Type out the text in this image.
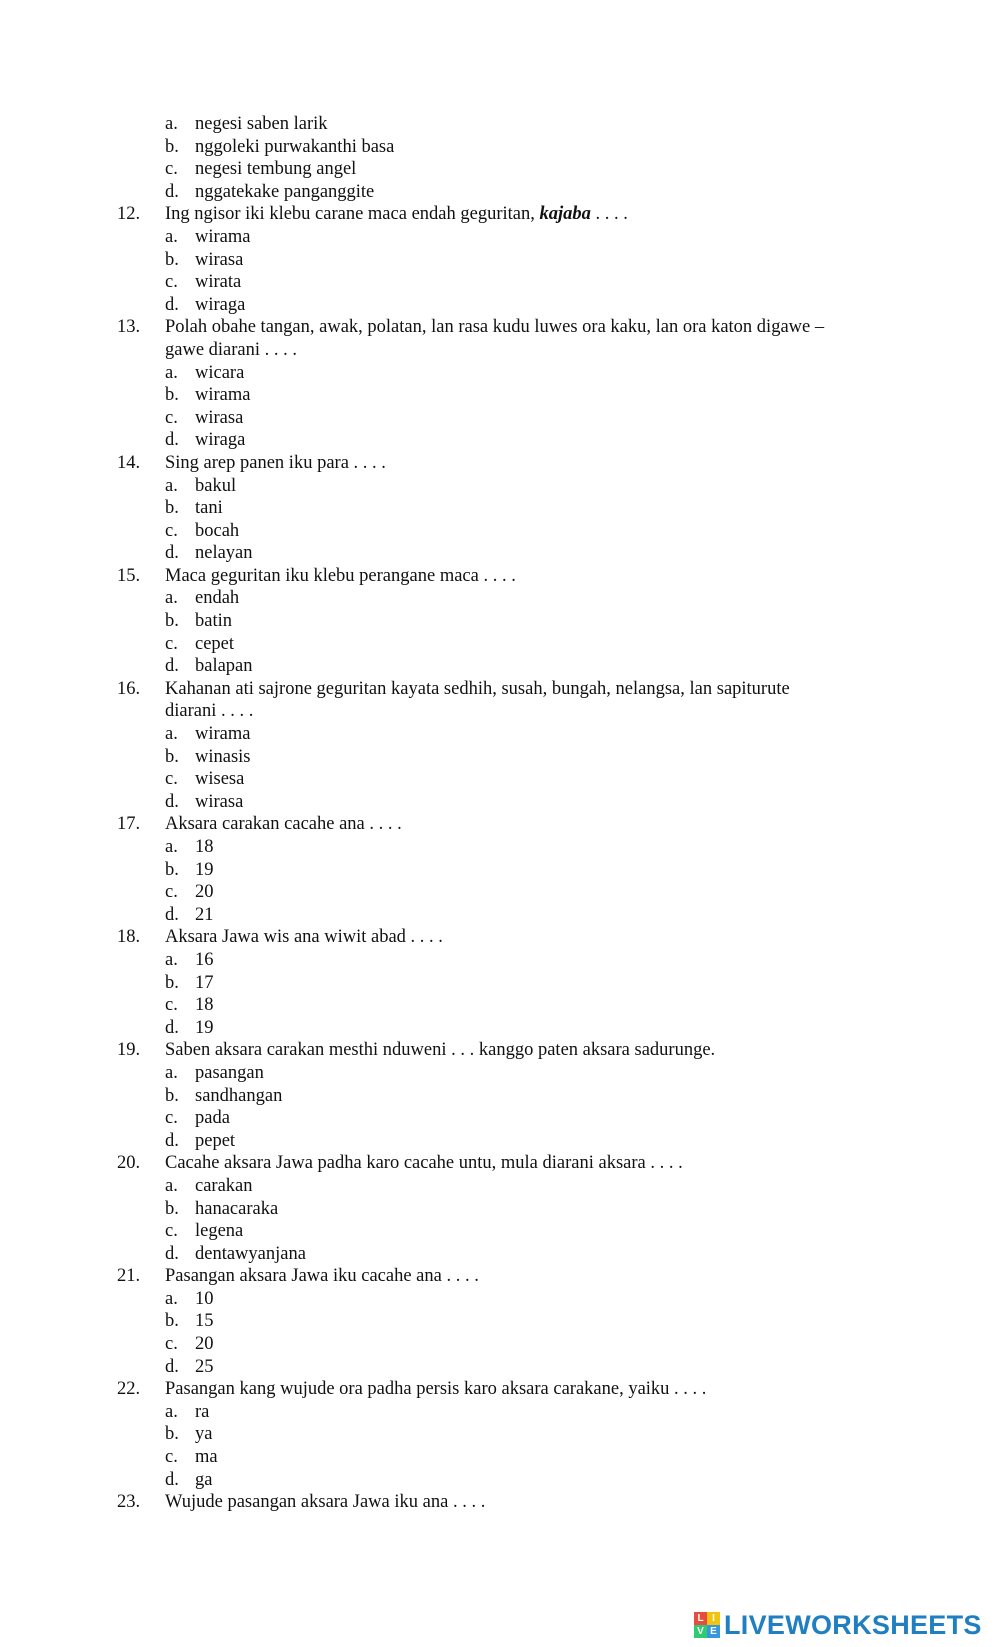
a. negesi saben larik
b. nggoleki purwakanthi basa
c. negesi tembung angel
d. nggatekake panganggite
12. Ing ngisor iki klebu carane maca endah geguritan, kajaba . . . .
a. wirama
b. wirasa
c. wirata
d. wiraga
13. Polah obahe tangan, awak, polatan, lan rasa kudu luwes ora kaku, lan ora katon digawe –
gawe diarani . . . .
a. wicara
b. wirama
c. wirasa
d. wiraga
14. Sing arep panen iku para . . . .
a. bakul
b. tani
c. bocah
d. nelayan
15. Maca geguritan iku klebu perangane maca . . . .
a. endah
b. batin
c. cepet
d. balapan
16. Kahanan ati sajrone geguritan kayata sedhih, susah, bungah, nelangsa, lan sapiturute
diarani . . . .
a. wirama
b. winasis
c. wisesa
d. wirasa
17. Aksara carakan cacahe ana . . . .
a. 18
b. 19
c. 20
d. 21
18. Aksara Jawa wis ana wiwit abad . . . .
a. 16
b. 17
c. 18
d. 19
19. Saben aksara carakan mesthi nduweni . . . kanggo paten aksara sadurunge.
a. pasangan
b. sandhangan
c. pada
d. pepet
20. Cacahe aksara Jawa padha karo cacahe untu, mula diarani aksara . . . .
a. carakan
b. hanacaraka
c. legena
d. dentawyanjana
21. Pasangan aksara Jawa iku cacahe ana . . . .
a. 10
b. 15
c. 20
d. 25
22. Pasangan kang wujude ora padha persis karo aksara carakane, yaiku . . . .
a. ra
b. ya
c. ma
d. ga
23. Wujude pasangan aksara Jawa iku ana . . . .
L I
V E LIVEWORKSHEETS
